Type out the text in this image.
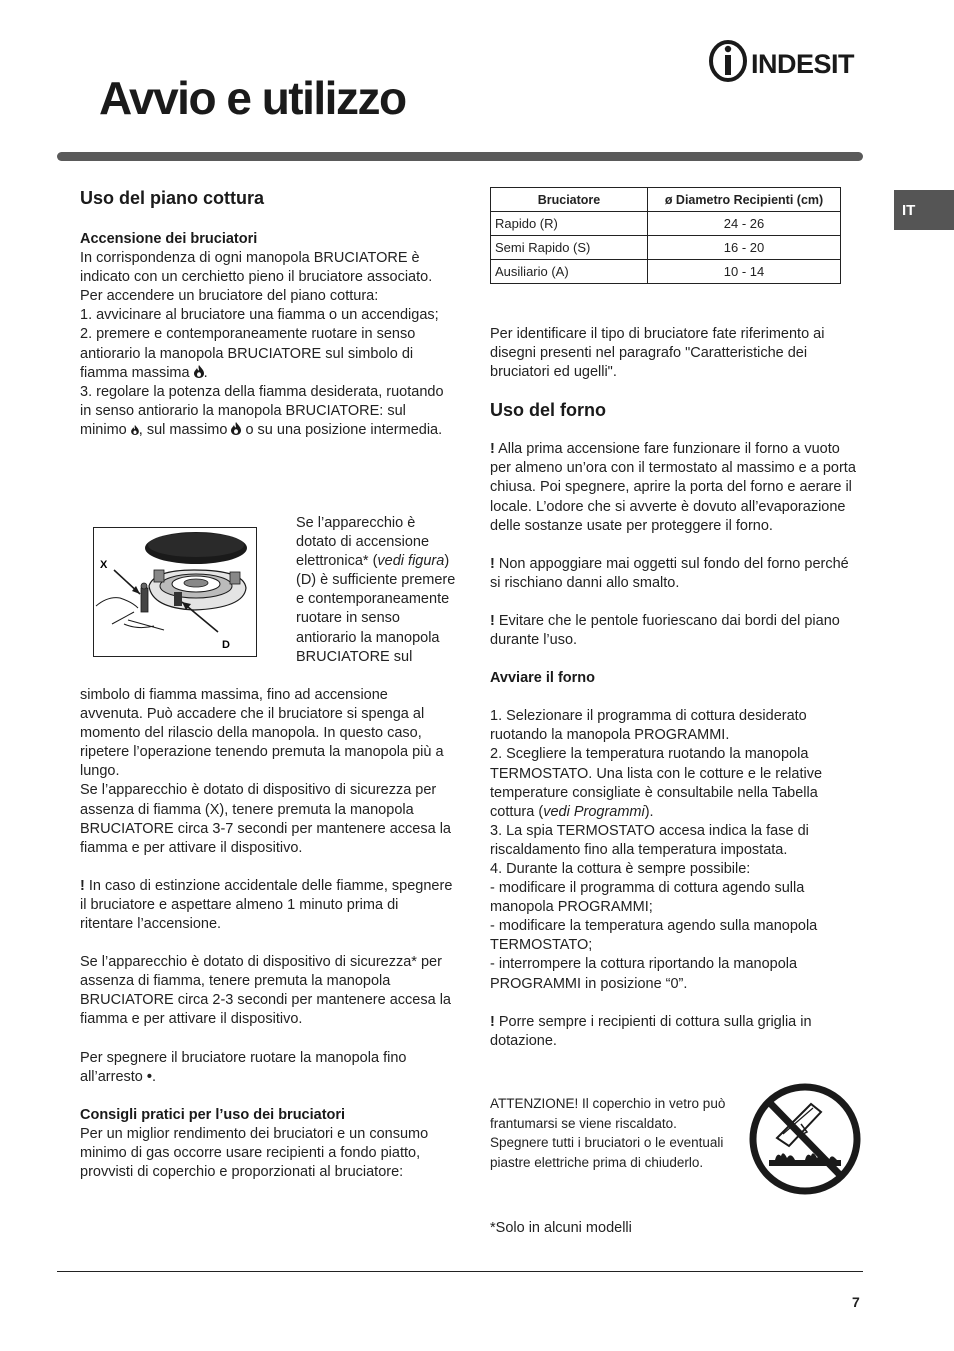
Avvio e utilizzo
INDESIT
IT
Uso del piano cottura
Accensione dei bruciatori
In corrispondenza di ogni manopola BRUCIATORE è indicato con un cerchietto pieno il bruciatore associato.
Per accendere un bruciatore del piano cottura:
1. avvicinare al bruciatore una fiamma o un accendigas;
2. premere e contemporaneamente ruotare in senso antiorario la manopola BRUCIATORE sul simbolo di fiamma massima .
3. regolare la potenza della fiamma desiderata, ruotando in senso antiorario la manopola BRUCIATORE: sul minimo , sul massimo  o su una posizione intermedia.
X
D
Se l’apparecchio è dotato di accensione elettronica* (vedi figura) (D) è sufficiente premere e contemporaneamente ruotare in senso antiorario la manopola BRUCIATORE sul
simbolo di fiamma massima, fino ad accensione avvenuta. Può accadere che il bruciatore si spenga al momento del rilascio della manopola. In questo caso, ripetere l’operazione tenendo premuta la manopola più a lungo.
Se l’apparecchio è dotato di dispositivo di sicurezza per assenza di fiamma (X), tenere premuta la manopola BRUCIATORE circa 3-7 secondi per mantenere accesa la fiamma e per attivare il dispositivo.
! In caso di estinzione accidentale delle fiamme, spegnere il bruciatore e aspettare almeno 1 minuto prima di ritentare l’accensione.
Se l’apparecchio è dotato di dispositivo di sicurezza* per assenza di fiamma, tenere premuta la manopola BRUCIATORE circa 2-3 secondi per mantenere accesa la fiamma e per attivare il dispositivo.
Per spegnere il bruciatore ruotare la manopola fino all’arresto •.
Consigli pratici per l’uso dei bruciatori
Per un miglior rendimento dei bruciatori e un consumo minimo di gas occorre usare recipienti a fondo piatto, provvisti di coperchio e proporzionati al bruciatore:
Bruciatore	ø Diametro Recipienti (cm)
Rapido (R)	24 - 26
Semi Rapido (S)	16 - 20
Ausiliario (A)	10 - 14
Per identificare il tipo di bruciatore fate riferimento ai disegni presenti nel paragrafo "Caratteristiche dei bruciatori ed ugelli".
Uso del forno
! Alla prima accensione fare funzionare il forno a vuoto per almeno un’ora con il termostato al massimo e a porta chiusa. Poi spegnere, aprire la porta del forno e aerare il locale. L’odore che si avverte è dovuto all’evaporazione delle sostanze usate per proteggere il forno.
! Non appoggiare mai oggetti sul fondo del forno perché si rischiano danni allo smalto.
! Evitare che le pentole fuoriescano dai bordi del piano durante l’uso.
Avviare il forno
1. Selezionare il programma di cottura desiderato ruotando la manopola PROGRAMMI.
2. Scegliere la temperatura ruotando la manopola TERMOSTATO. Una lista con le cotture e le relative temperature consigliate è consultabile nella Tabella cottura (vedi Programmi).
3. La spia TERMOSTATO accesa indica la fase di riscaldamento fino alla temperatura impostata.
4. Durante la cottura è sempre possibile:
- modificare il programma di cottura agendo sulla manopola PROGRAMMI;
- modificare la temperatura agendo sulla manopola TERMOSTATO;
- interrompere la cottura riportando la manopola PROGRAMMI in posizione “0”.
! Porre sempre i recipienti di cottura sulla griglia in dotazione.
ATTENZIONE! Il coperchio in vetro può frantumarsi se viene riscaldato. Spegnere tutti i bruciatori o le eventuali piastre elettriche prima di chiuderlo.
*Solo in alcuni modelli
7
